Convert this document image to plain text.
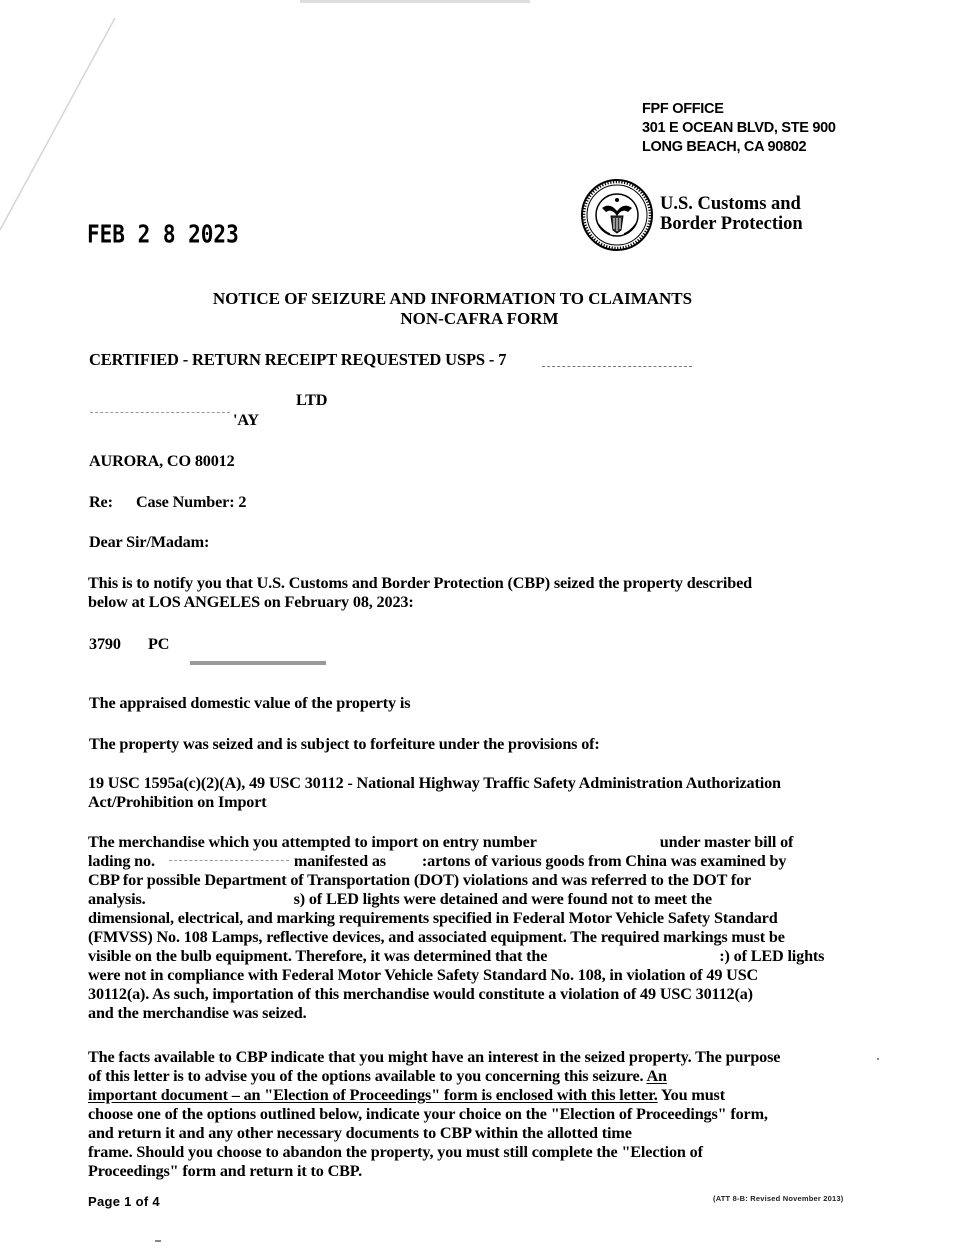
FPF OFFICE
301 E OCEAN BLVD, STE 900
LONG BEACH, CA 90802
U.S. Customs and
Border Protection
FEB 2 8 2023
NOTICE OF SEIZURE AND INFORMATION TO CLAIMANTS
NON-CAFRA FORM
CERTIFIED - RETURN RECEIPT REQUESTED USPS - 7
LTD
'AY
AURORA, CO 80012
Re: Case Number: 2
Dear Sir/Madam:
This is to notify you that U.S. Customs and Border Protection (CBP) seized the property described
below at LOS ANGELES on February 08, 2023:
3790 PC
The appraised domestic value of the property is
The property was seized and is subject to forfeiture under the provisions of:
19 USC 1595a(c)(2)(A), 49 USC 30112 - National Highway Traffic Safety Administration Authorization
Act/Prohibition on Import
The merchandise which you attempted to import on entry number	under master bill of
lading no.	manifested as :artons of various goods from China was examined by
CBP for possible Department of Transportation (DOT) violations and was referred to the DOT for
analysis.	s) of LED lights were detained and were found not to meet the
dimensional, electrical, and marking requirements specified in Federal Motor Vehicle Safety Standard
(FMVSS) No. 108 Lamps, reflective devices, and associated equipment. The required markings must be
visible on the bulb equipment. Therefore, it was determined that the	:) of LED lights
were not in compliance with Federal Motor Vehicle Safety Standard No. 108, in violation of 49 USC
30112(a). As such, importation of this merchandise would constitute a violation of 49 USC 30112(a)
and the merchandise was seized.
The facts available to CBP indicate that you might have an interest in the seized property. The purpose
of this letter is to advise you of the options available to you concerning this seizure. An
important document – an "Election of Proceedings" form is enclosed with this letter. You must
choose one of the options outlined below, indicate your choice on the "Election of Proceedings" form,
and return it and any other necessary documents to CBP within the allotted time
frame. Should you choose to abandon the property, you must still complete the "Election of
Proceedings" form and return it to CBP.
Page 1 of 4	(ATT 8-B: Revised November 2013)
